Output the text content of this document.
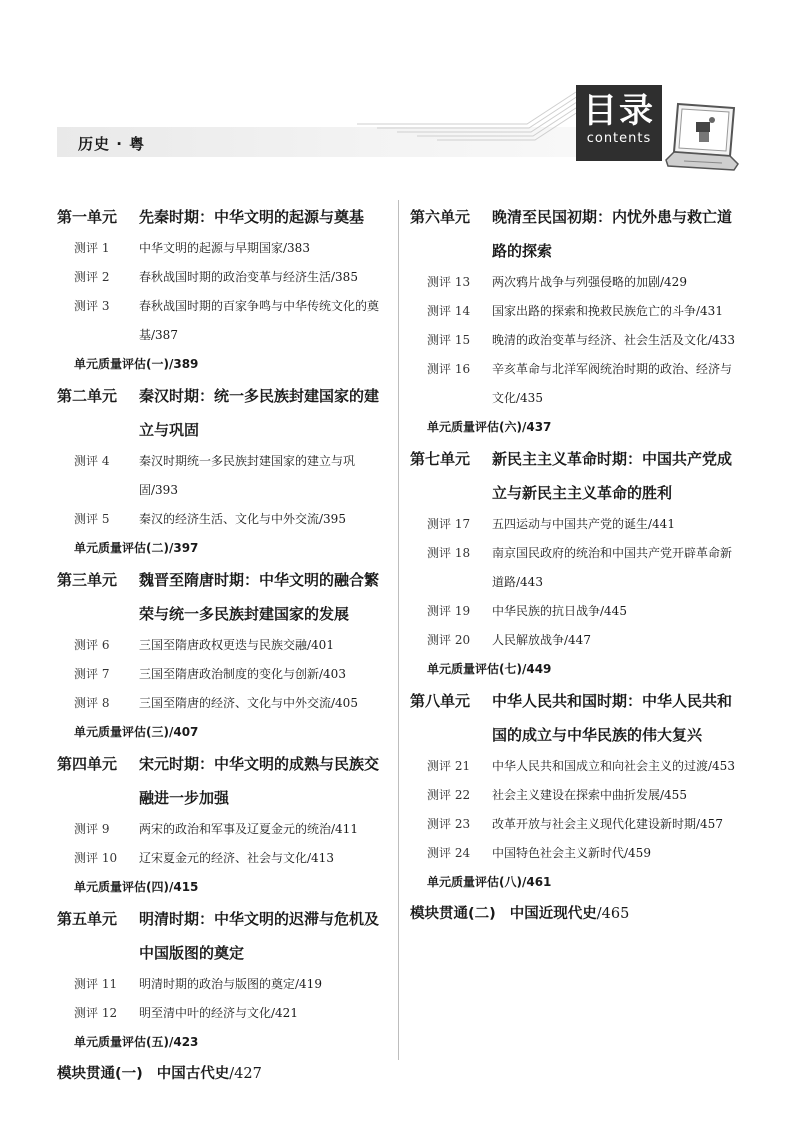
历史 · 粤
目录
contents
第一单元 先秦时期：中华文明的起源与奠基
测评 1 中华文明的起源与早期国家/383
测评 2 春秋战国时期的政治变革与经济生活/385
测评 3 春秋战国时期的百家争鸣与中华传统文化的奠基/387
单元质量评估(一)/389
第二单元 秦汉时期：统一多民族封建国家的建立与巩固
测评 4 秦汉时期统一多民族封建国家的建立与巩固/393
测评 5 秦汉的经济生活、文化与中外交流/395
单元质量评估(二)/397
第三单元 魏晋至隋唐时期：中华文明的融合繁荣与统一多民族封建国家的发展
测评 6 三国至隋唐政权更迭与民族交融/401
测评 7 三国至隋唐政治制度的变化与创新/403
测评 8 三国至隋唐的经济、文化与中外交流/405
单元质量评估(三)/407
第四单元 宋元时期：中华文明的成熟与民族交融进一步加强
测评 9 两宋的政治和军事及辽夏金元的统治/411
测评 10 辽宋夏金元的经济、社会与文化/413
单元质量评估(四)/415
第五单元 明清时期：中华文明的迟滞与危机及中国版图的奠定
测评 11 明清时期的政治与版图的奠定/419
测评 12 明至清中叶的经济与文化/421
单元质量评估(五)/423
模块贯通(一) 中国古代史/427
第六单元 晚清至民国初期：内忧外患与救亡道路的探索
测评 13 两次鸦片战争与列强侵略的加剧/429
测评 14 国家出路的探索和挽救民族危亡的斗争/431
测评 15 晚清的政治变革与经济、社会生活及文化/433
测评 16 辛亥革命与北洋军阀统治时期的政治、经济与文化/435
单元质量评估(六)/437
第七单元 新民主主义革命时期：中国共产党成立与新民主主义革命的胜利
测评 17 五四运动与中国共产党的诞生/441
测评 18 南京国民政府的统治和中国共产党开辟革命新道路/443
测评 19 中华民族的抗日战争/445
测评 20 人民解放战争/447
单元质量评估(七)/449
第八单元 中华人民共和国时期：中华人民共和国的成立与中华民族的伟大复兴
测评 21 中华人民共和国成立和向社会主义的过渡/453
测评 22 社会主义建设在探索中曲折发展/455
测评 23 改革开放与社会主义现代化建设新时期/457
测评 24 中国特色社会主义新时代/459
单元质量评估(八)/461
模块贯通(二) 中国近现代史/465
